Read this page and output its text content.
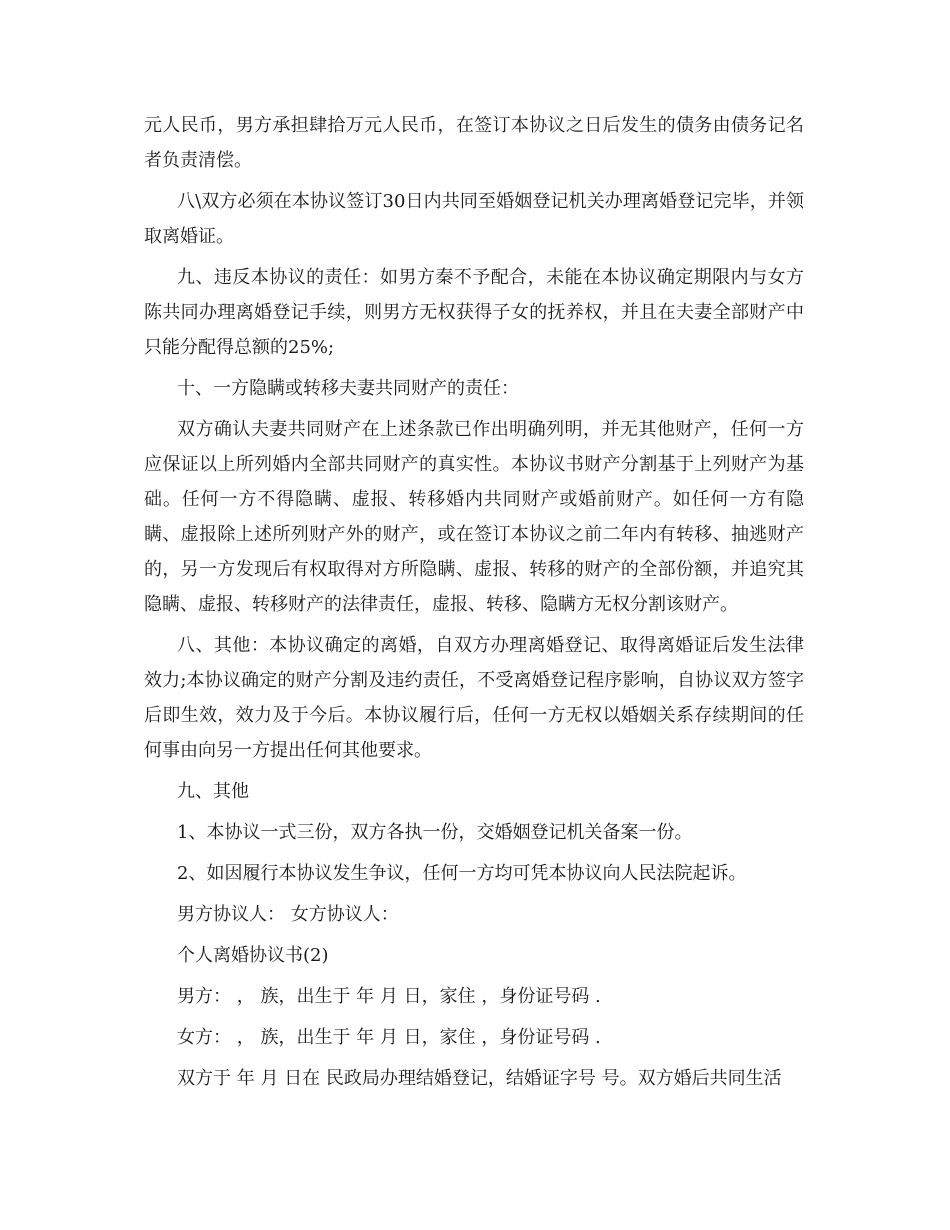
元人民币，男方承担肆拾万元人民币，在签订本协议之日后发生的债务由债务记名者负责清偿。

八\双方必须在本协议签订30日内共同至婚姻登记机关办理离婚登记完毕，并领取离婚证。

九、违反本协议的责任：如男方秦不予配合，未能在本协议确定期限内与女方陈共同办理离婚登记手续，则男方无权获得子女的抚养权，并且在夫妻全部财产中只能分配得总额的25%;

十、一方隐瞒或转移夫妻共同财产的责任：

双方确认夫妻共同财产在上述条款已作出明确列明，并无其他财产，任何一方应保证以上所列婚内全部共同财产的真实性。本协议书财产分割基于上列财产为基础。任何一方不得隐瞒、虚报、转移婚内共同财产或婚前财产。如任何一方有隐瞒、虚报除上述所列财产外的财产，或在签订本协议之前二年内有转移、抽逃财产的，另一方发现后有权取得对方所隐瞒、虚报、转移的财产的全部份额，并追究其隐瞒、虚报、转移财产的法律责任，虚报、转移、隐瞒方无权分割该财产。

八、其他：本协议确定的离婚，自双方办理离婚登记、取得离婚证后发生法律效力;本协议确定的财产分割及违约责任，不受离婚登记程序影响，自协议双方签字后即生效，效力及于今后。本协议履行后，任何一方无权以婚姻关系存续期间的任何事由向另一方提出任何其他要求。

九、其他

1、本协议一式三份，双方各执一份，交婚姻登记机关备案一份。

2、如因履行本协议发生争议，任何一方均可凭本协议向人民法院起诉。

男方协议人： 女方协议人：

个人离婚协议书(2)

男方： ， 族，出生于 年 月 日，家住 ，身份证号码 .

女方： ， 族，出生于 年 月 日，家住 ，身份证号码 .

双方于 年 月 日在 民政局办理结婚登记，结婚证字号 号。双方婚后共同生活
